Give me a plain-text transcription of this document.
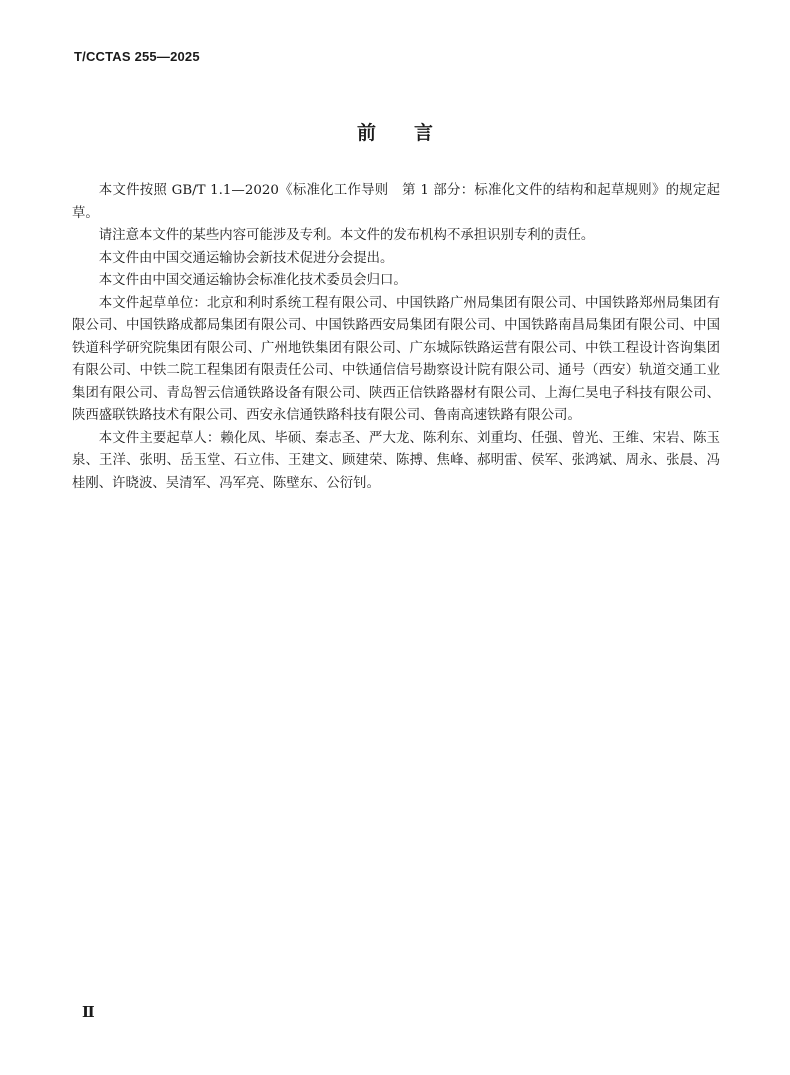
T/CCTAS 255—2025
前言

本文件按照 GB/T 1.1—2020《标准化工作导则　第 1 部分：标准化文件的结构和起草规则》的规定起草。

请注意本文件的某些内容可能涉及专利。本文件的发布机构不承担识别专利的责任。

本文件由中国交通运输协会新技术促进分会提出。

本文件由中国交通运输协会标准化技术委员会归口。

本文件起草单位：北京和利时系统工程有限公司、中国铁路广州局集团有限公司、中国铁路郑州局集团有限公司、中国铁路成都局集团有限公司、中国铁路西安局集团有限公司、中国铁路南昌局集团有限公司、中国铁道科学研究院集团有限公司、广州地铁集团有限公司、广东城际铁路运营有限公司、中铁工程设计咨询集团有限公司、中铁二院工程集团有限责任公司、中铁通信信号勘察设计院有限公司、通号（西安）轨道交通工业集团有限公司、青岛智云信通铁路设备有限公司、陕西正信铁路器材有限公司、上海仁昊电子科技有限公司、陕西盛联铁路技术有限公司、西安永信通铁路科技有限公司、鲁南高速铁路有限公司。

本文件主要起草人：赖化凤、毕硕、秦志圣、严大龙、陈利东、刘重均、任强、曾光、王维、宋岩、陈玉泉、王洋、张明、岳玉堂、石立伟、王建文、顾建荣、陈搏、焦峰、郝明雷、侯军、张鸿斌、周永、张晨、冯桂刚、许晓波、吴清军、冯军亮、陈壁东、公衍钊。

Ⅱ
